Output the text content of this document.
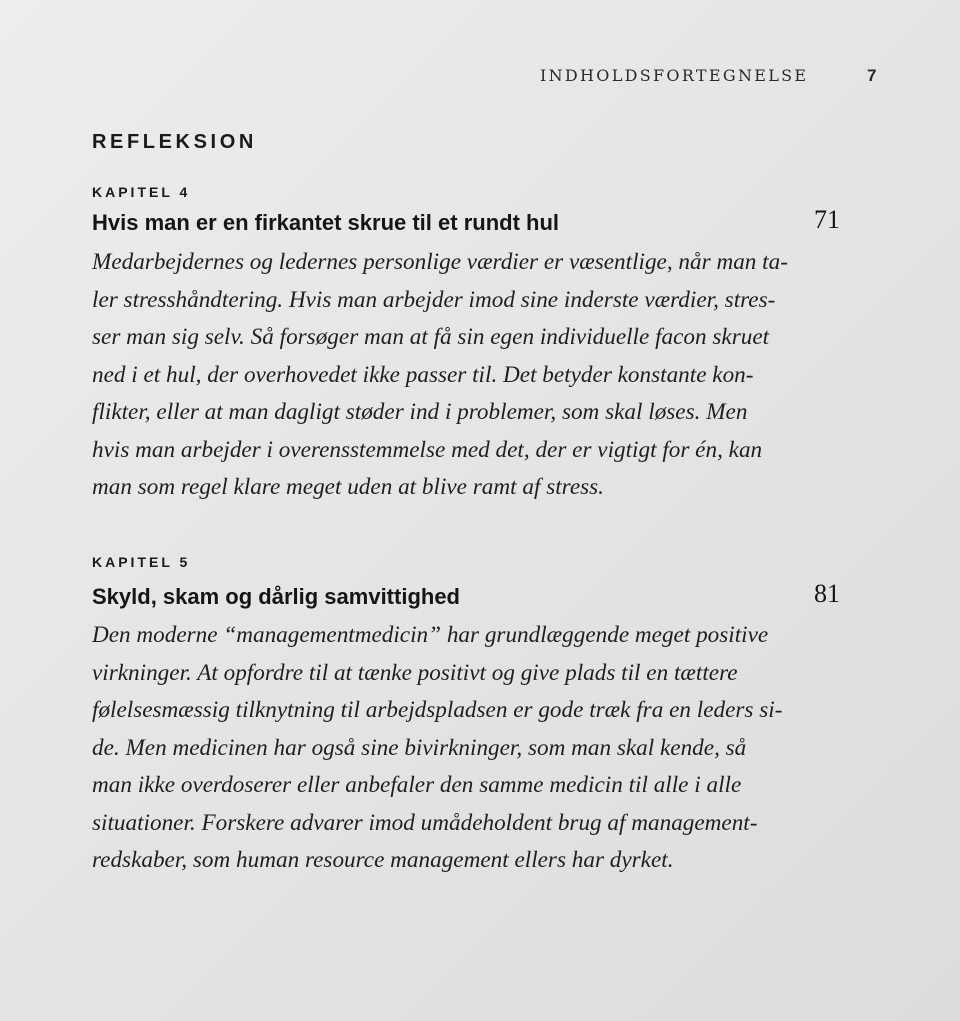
INDHOLDSFORTEGNELSE	7
REFLEKSION
KAPITEL 4
Hvis man er en firkantet skrue til et rundt hul	71
Medarbejdernes og ledernes personlige værdier er væsentlige, når man ta-
ler stresshåndtering. Hvis man arbejder imod sine inderste værdier, stres-
ser man sig selv. Så forsøger man at få sin egen individuelle facon skruet
ned i et hul, der overhovedet ikke passer til. Det betyder konstante kon-
flikter, eller at man dagligt støder ind i problemer, som skal løses. Men
hvis man arbejder i overensstemmelse med det, der er vigtigt for én, kan
man som regel klare meget uden at blive ramt af stress.
KAPITEL 5
Skyld, skam og dårlig samvittighed	81
Den moderne “managementmedicin” har grundlæggende meget positive
virkninger. At opfordre til at tænke positivt og give plads til en tættere
følelsesmæssig tilknytning til arbejdspladsen er gode træk fra en leders si-
de. Men medicinen har også sine bivirkninger, som man skal kende, så
man ikke overdoserer eller anbefaler den samme medicin til alle i alle
situationer. Forskere advarer imod umådeholdent brug af management-
redskaber, som human resource management ellers har dyrket.
